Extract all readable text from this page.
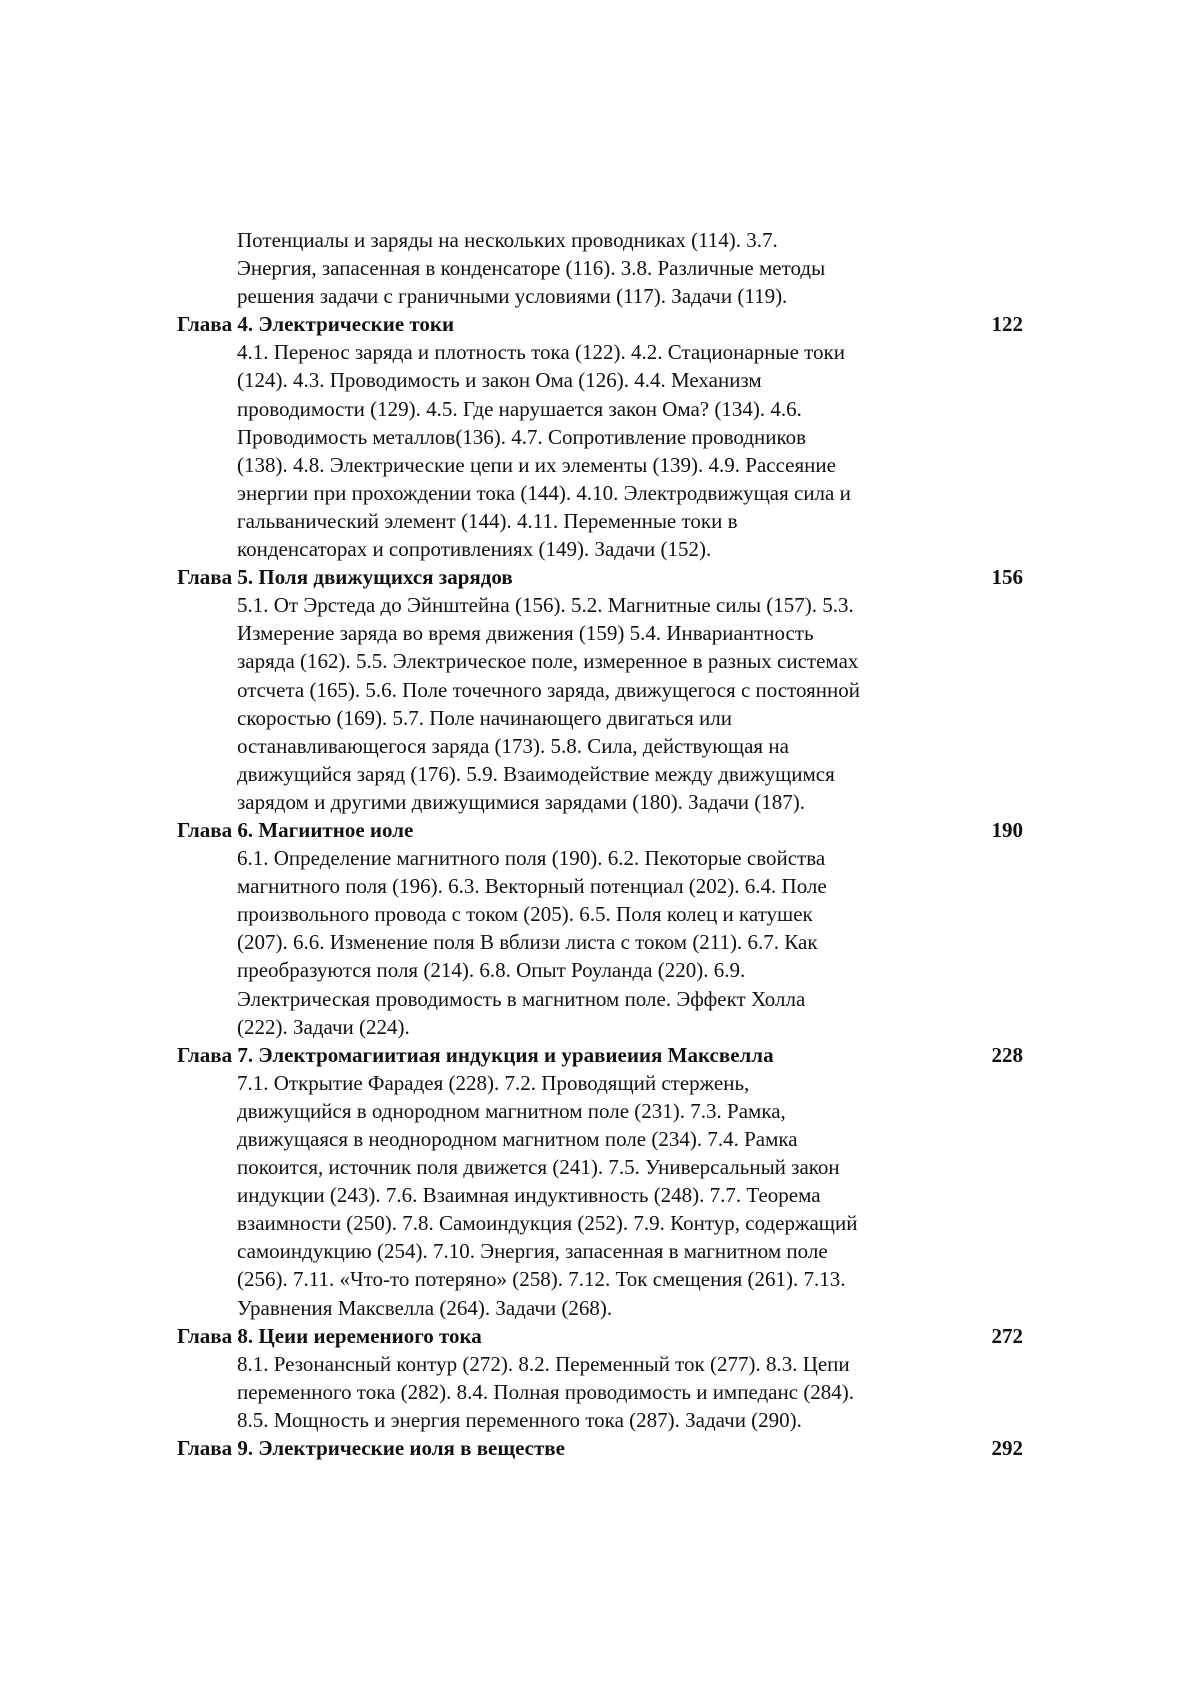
Потенциалы и заряды на нескольких проводниках (114). 3.7.
Энергия, запасенная в конденсаторе (116). 3.8. Различные методы
решения задачи с граничными условиями (117). Задачи (119).
Глава 4. Электрические токи	122
4.1. Перенос заряда и плотность тока (122). 4.2. Стационарные токи
(124). 4.3. Проводимость и закон Ома (126). 4.4. Механизм
проводимости (129). 4.5. Где нарушается закон Ома? (134). 4.6.
Проводимость металлов(136). 4.7. Сопротивление проводников
(138). 4.8. Электрические цепи и их элементы (139). 4.9. Рассеяние
энергии при прохождении тока (144). 4.10. Электродвижущая сила и
гальванический элемент (144). 4.11. Переменные токи в
конденсаторах и сопротивлениях (149). Задачи (152).
Глава 5. Поля движущихся зарядов	156
5.1. От Эрстеда до Эйнштейна (156). 5.2. Магнитные силы (157). 5.3.
Измерение заряда во время движения (159) 5.4. Инвариантность
заряда (162). 5.5. Электрическое поле, измеренное в разных системах
отсчета (165). 5.6. Поле точечного заряда, движущегося с постоянной
скоростью (169). 5.7. Поле начинающего двигаться или
останавливающегося заряда (173). 5.8. Сила, действующая на
движущийся заряд (176). 5.9. Взаимодействие между движущимся
зарядом и другими движущимися зарядами (180). Задачи (187).
Глава 6. Магиитное иоле	190
6.1. Определение магнитного поля (190). 6.2. Пекоторые свойства
магнитного поля (196). 6.3. Векторный потенциал (202). 6.4. Поле
произвольного провода с током (205). 6.5. Поля колец и катушек
(207). 6.6. Изменение поля В вблизи листа с током (211). 6.7. Как
преобразуются поля (214). 6.8. Опыт Роуланда (220). 6.9.
Электрическая проводимость в магнитном поле. Эффект Холла
(222). Задачи (224).
Глава 7. Электромагиитиая индукция и уравиеиия Максвелла	228
7.1. Открытие Фарадея (228). 7.2. Проводящий стержень,
движущийся в однородном магнитном поле (231). 7.3. Рамка,
движущаяся в неоднородном магнитном поле (234). 7.4. Рамка
покоится, источник поля движется (241). 7.5. Универсальный закон
индукции (243). 7.6. Взаимная индуктивность (248). 7.7. Теорема
взаимности (250). 7.8. Самоиндукция (252). 7.9. Контур, содержащий
самоиндукцию (254). 7.10. Энергия, запасенная в магнитном поле
(256). 7.11. «Что-то потеряно» (258). 7.12. Ток смещения (261). 7.13.
Уравнения Максвелла (264). Задачи (268).
Глава 8. Цеии иеремениого тока	272
8.1. Резонансный контур (272). 8.2. Переменный ток (277). 8.3. Цепи
переменного тока (282). 8.4. Полная проводимость и импеданс (284).
8.5. Мощность и энергия переменного тока (287). Задачи (290).
Глава 9. Электрические иоля в веществе	292
